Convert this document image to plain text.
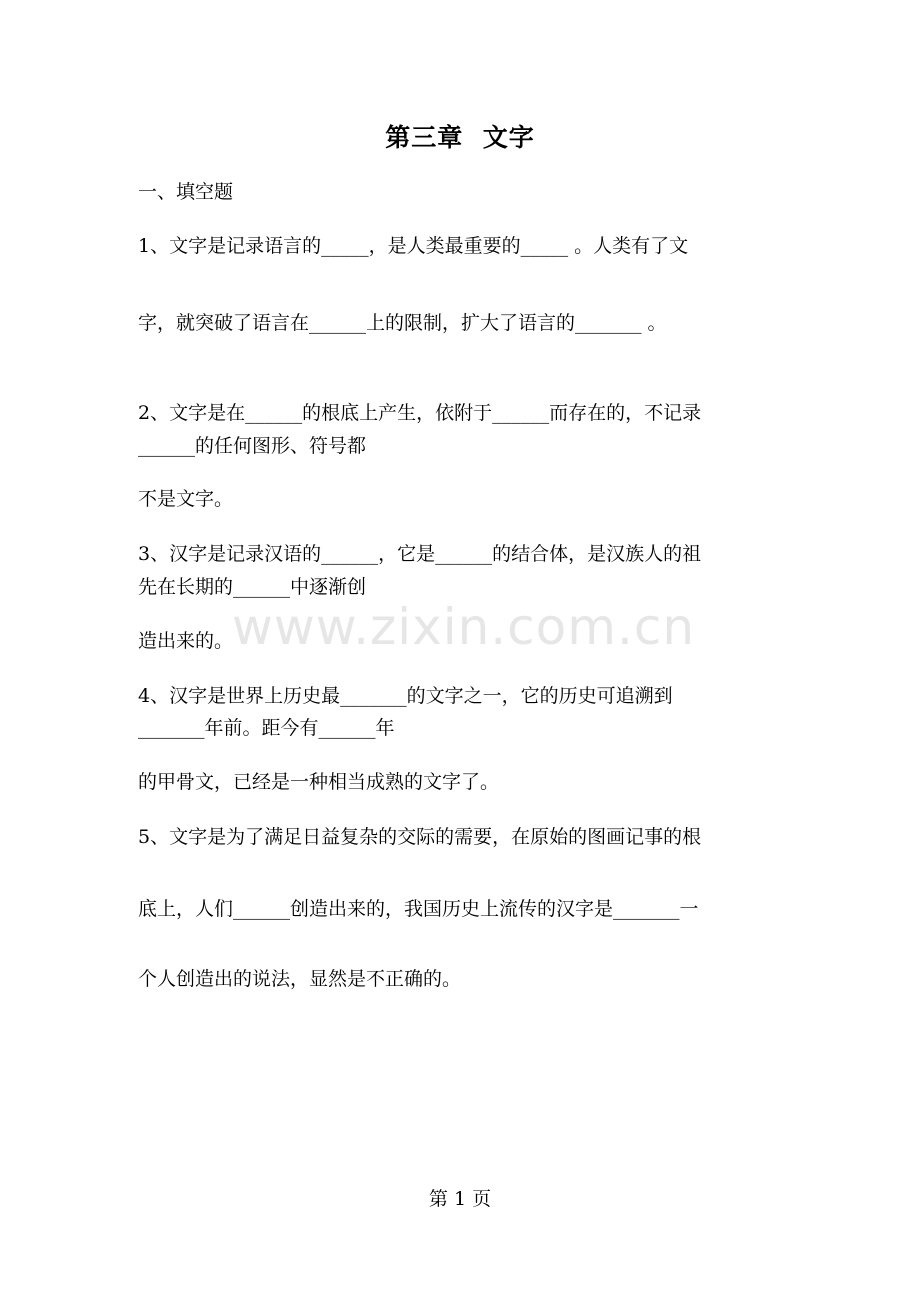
第三章  文字
一、填空题
1、文字是记录语言的_____，是人类最重要的_____ 。人类有了文
字，就突破了语言在______上的限制，扩大了语言的_______ 。
2、文字是在______的根底上产生，依附于______而存在的，不记录
______的任何图形、符号都
不是文字。
3、汉字是记录汉语的______，它是______的结合体，是汉族人的祖
先在长期的______中逐渐创
造出来的。
4、汉字是世界上历史最_______的文字之一，它的历史可追溯到
_______年前。距今有______年
的甲骨文，已经是一种相当成熟的文字了。
5、文字是为了满足日益复杂的交际的需要，在原始的图画记事的根
底上，人们______创造出来的，我国历史上流传的汉字是_______一
个人创造出的说法，显然是不正确的。
www.zixin.com.cn
第 1 页
